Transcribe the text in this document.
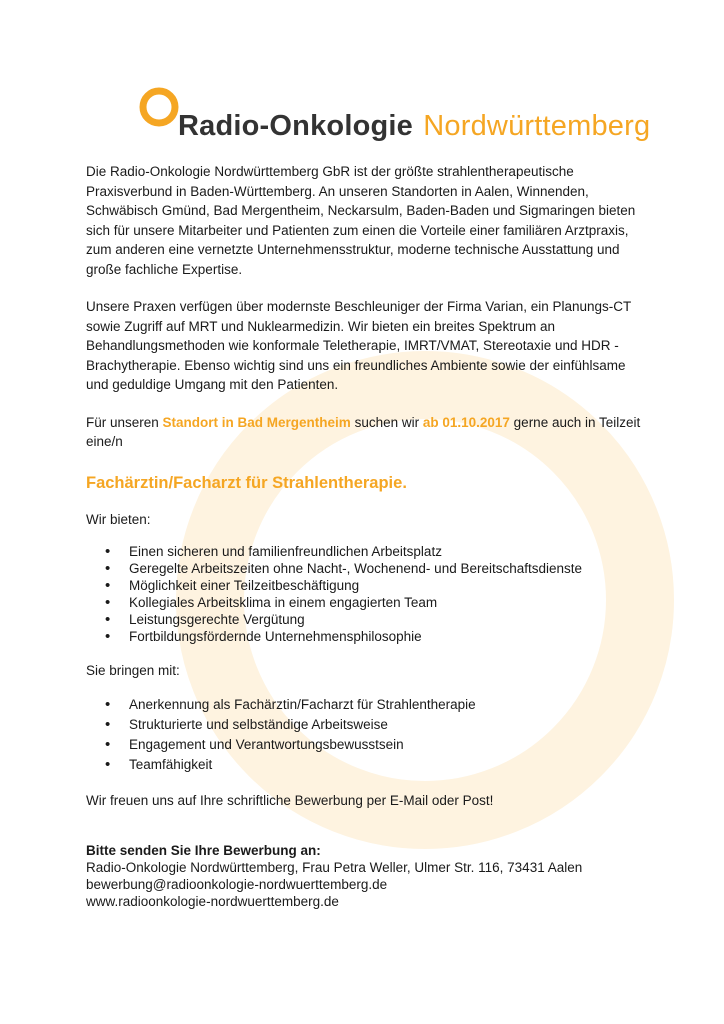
Radio-Onkologie Nordwürttemberg

Die Radio-Onkologie Nordwürttemberg GbR ist der größte strahlentherapeutische Praxisverbund in Baden-Württemberg. An unseren Standorten in Aalen, Winnenden, Schwäbisch Gmünd, Bad Mergentheim, Neckarsulm, Baden-Baden und Sigmaringen bieten sich für unsere Mitarbeiter und Patienten zum einen die Vorteile einer familiären Arztpraxis, zum anderen eine vernetzte Unternehmensstruktur, moderne technische Ausstattung und große fachliche Expertise.

Unsere Praxen verfügen über modernste Beschleuniger der Firma Varian, ein Planungs-CT sowie Zugriff auf MRT und Nuklearmedizin. Wir bieten ein breites Spektrum an Behandlungsmethoden wie konformale Teletherapie, IMRT/VMAT, Stereotaxie und HDR - Brachytherapie. Ebenso wichtig sind uns ein freundliches Ambiente sowie der einfühlsame und geduldige Umgang mit den Patienten.

Für unseren Standort in Bad Mergentheim suchen wir ab 01.10.2017 gerne auch in Teilzeit eine/n

Fachärztin/Facharzt für Strahlentherapie.

Wir bieten:

• Einen sicheren und familienfreundlichen Arbeitsplatz
• Geregelte Arbeitszeiten ohne Nacht-, Wochenend- und Bereitschaftsdienste
• Möglichkeit einer Teilzeitbeschäftigung
• Kollegiales Arbeitsklima in einem engagierten Team
• Leistungsgerechte Vergütung
• Fortbildungsfördernde Unternehmensphilosophie

Sie bringen mit:

• Anerkennung als Fachärztin/Facharzt für Strahlentherapie
• Strukturierte und selbständige Arbeitsweise
• Engagement und Verantwortungsbewusstsein
• Teamfähigkeit

Wir freuen uns auf Ihre schriftliche Bewerbung per E-Mail oder Post!

Bitte senden Sie Ihre Bewerbung an:

Radio-Onkologie Nordwürttemberg, Frau Petra Weller, Ulmer Str. 116, 73431 Aalen

bewerbung@radioonkologie-nordwuerttemberg.de

www.radioonkologie-nordwuerttemberg.de
